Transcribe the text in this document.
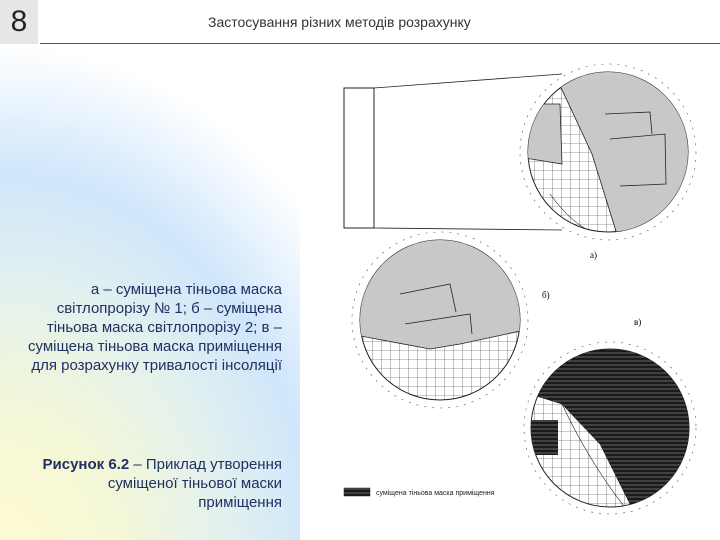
8	Застосування різних методів розрахунку

а – суміщена тіньова маска світлопрорізу № 1; б – суміщена тіньова маска світлопрорізу 2; в – суміщена тіньова маска приміщення для розрахунку тривалості інсоляції

Рисунок 6.2 – Приклад утворення суміщеної тіньової маски приміщення
а)
б)
в)
суміщена тіньова маска приміщення
